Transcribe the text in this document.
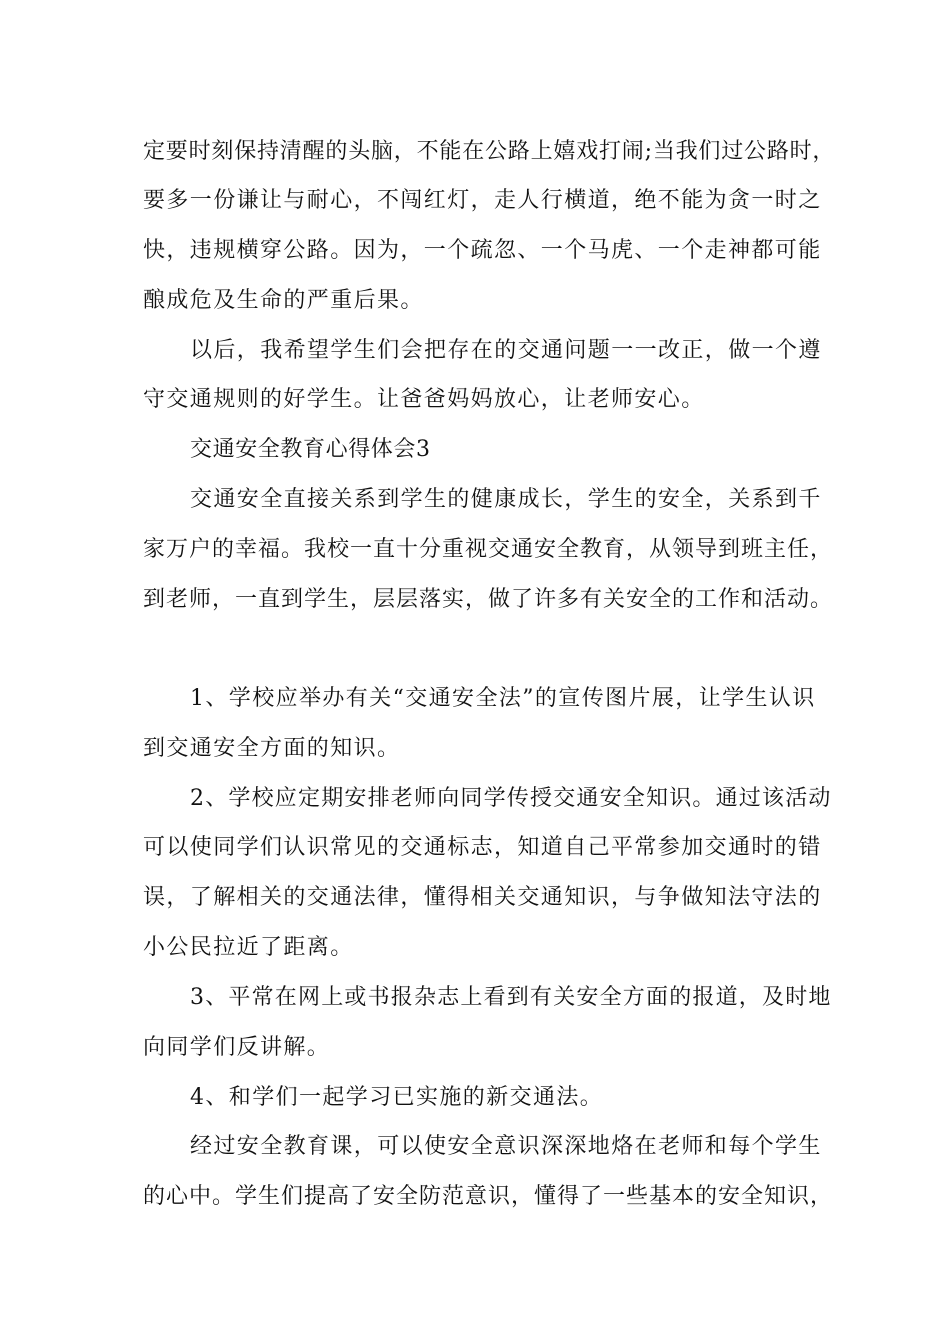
定要时刻保持清醒的头脑，不能在公路上嬉戏打闹;当我们过公路时，
要多一份谦让与耐心，不闯红灯，走人行横道，绝不能为贪一时之
快，违规横穿公路。因为，一个疏忽、一个马虎、一个走神都可能
酿成危及生命的严重后果。
以后，我希望学生们会把存在的交通问题一一改正，做一个遵
守交通规则的好学生。让爸爸妈妈放心，让老师安心。
交通安全教育心得体会3
交通安全直接关系到学生的健康成长，学生的安全，关系到千
家万户的幸福。我校一直十分重视交通安全教育，从领导到班主任，
到老师，一直到学生，层层落实，做了许多有关安全的工作和活动。
1、学校应举办有关“交通安全法”的宣传图片展，让学生认识
到交通安全方面的知识。
2、学校应定期安排老师向同学传授交通安全知识。通过该活动
可以使同学们认识常见的交通标志，知道自己平常参加交通时的错
误，了解相关的交通法律，懂得相关交通知识，与争做知法守法的
小公民拉近了距离。
3、平常在网上或书报杂志上看到有关安全方面的报道，及时地
向同学们反讲解。
4、和学们一起学习已实施的新交通法。
经过安全教育课，可以使安全意识深深地烙在老师和每个学生
的心中。学生们提高了安全防范意识，懂得了一些基本的安全知识，
